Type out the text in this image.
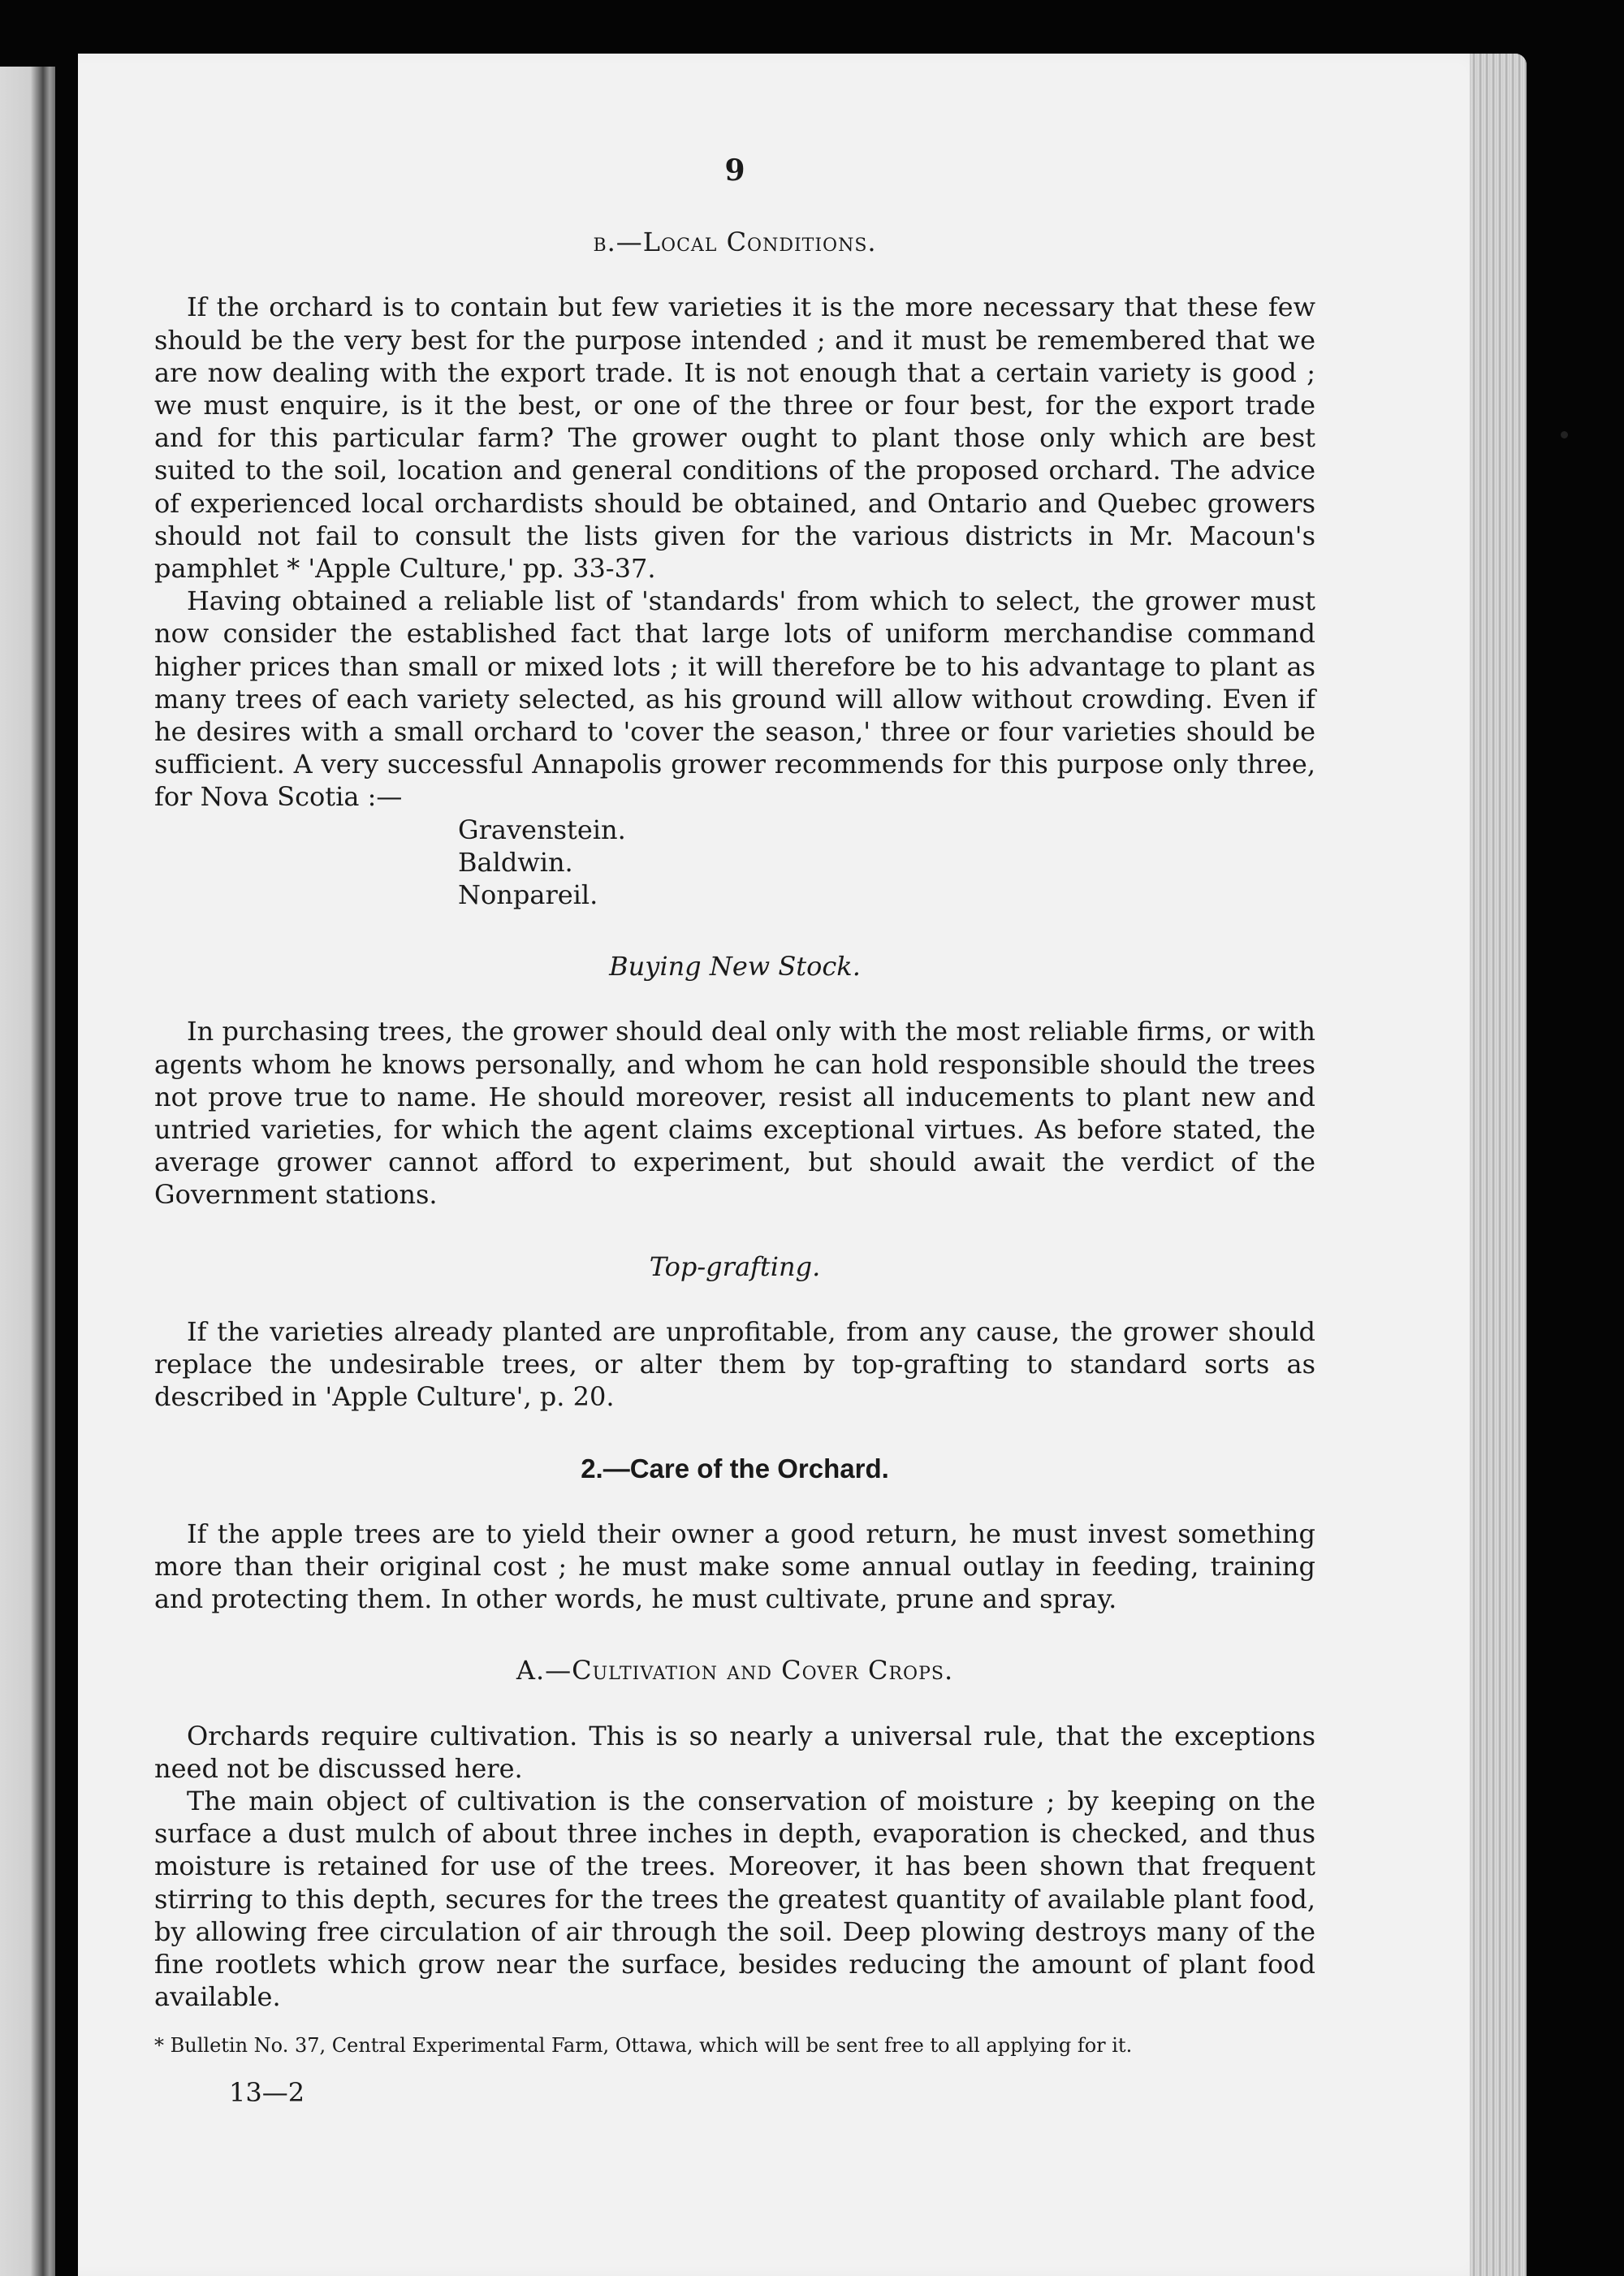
9
b.—Local Conditions.

If the orchard is to contain but few varieties it is the more necessary that these few should be the very best for the purpose intended ; and it must be remembered that we are now dealing with the export trade. It is not enough that a certain variety is good ; we must enquire, is it the best, or one of the three or four best, for the export trade and for this particular farm? The grower ought to plant those only which are best suited to the soil, location and general conditions of the proposed orchard. The advice of experienced local orchardists should be obtained, and Ontario and Quebec growers should not fail to consult the lists given for the various districts in Mr. Macoun's pamphlet * 'Apple Culture,' pp. 33-37.

Having obtained a reliable list of 'standards' from which to select, the grower must now consider the established fact that large lots of uniform merchandise command higher prices than small or mixed lots ; it will therefore be to his advantage to plant as many trees of each variety selected, as his ground will allow without crowding. Even if he desires with a small orchard to 'cover the season,' three or four varieties should be sufficient. A very successful Annapolis grower recommends for this purpose only three, for Nova Scotia :—

Gravenstein.
Baldwin.
Nonpareil.
Buying New Stock.

In purchasing trees, the grower should deal only with the most reliable firms, or with agents whom he knows personally, and whom he can hold responsible should the trees not prove true to name. He should moreover, resist all inducements to plant new and untried varieties, for which the agent claims exceptional virtues. As before stated, the average grower cannot afford to experiment, but should await the verdict of the Government stations.

Top-grafting.

If the varieties already planted are unprofitable, from any cause, the grower should replace the undesirable trees, or alter them by top-grafting to standard sorts as described in 'Apple Culture', p. 20.

2.—Care of the Orchard.

If the apple trees are to yield their owner a good return, he must invest something more than their original cost ; he must make some annual outlay in feeding, training and protecting them. In other words, he must cultivate, prune and spray.

A.—Cultivation and Cover Crops.

Orchards require cultivation. This is so nearly a universal rule, that the exceptions need not be discussed here.

The main object of cultivation is the conservation of moisture ; by keeping on the surface a dust mulch of about three inches in depth, evaporation is checked, and thus moisture is retained for use of the trees. Moreover, it has been shown that frequent stirring to this depth, secures for the trees the greatest quantity of available plant food, by allowing free circulation of air through the soil. Deep plowing destroys many of the fine rootlets which grow near the surface, besides reducing the amount of plant food available.

* Bulletin No. 37, Central Experimental Farm, Ottawa, which will be sent free to all applying for it.
13—2
